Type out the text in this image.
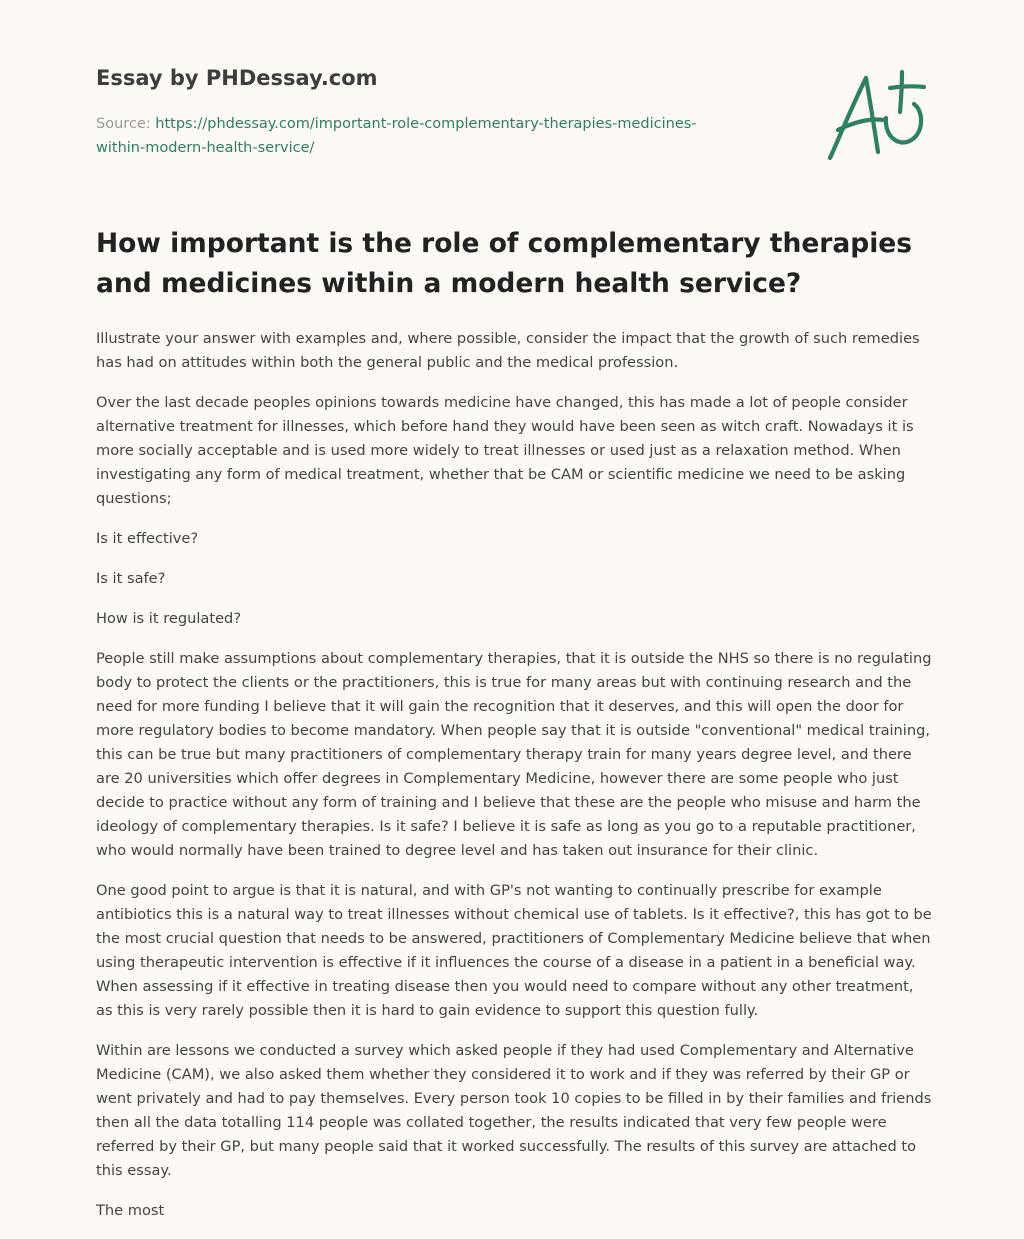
Essay by PHDessay.com
Source: https://phdessay.com/important-role-complementary-therapies-medicines-within-modern-health-service/
How important is the role of complementary therapies and medicines within a modern health service?

Illustrate your answer with examples and, where possible, consider the impact that the growth of such remedies has had on attitudes within both the general public and the medical profession.

Over the last decade peoples opinions towards medicine have changed, this has made a lot of people consider alternative treatment for illnesses, which before hand they would have been seen as witch craft. Nowadays it is more socially acceptable and is used more widely to treat illnesses or used just as a relaxation method. When investigating any form of medical treatment, whether that be CAM or scientific medicine we need to be asking questions;

Is it effective?

Is it safe?

How is it regulated?

People still make assumptions about complementary therapies, that it is outside the NHS so there is no regulating body to protect the clients or the practitioners, this is true for many areas but with continuing research and the need for more funding I believe that it will gain the recognition that it deserves, and this will open the door for more regulatory bodies to become mandatory. When people say that it is outside "conventional" medical training, this can be true but many practitioners of complementary therapy train for many years degree level, and there are 20 universities which offer degrees in Complementary Medicine, however there are some people who just decide to practice without any form of training and I believe that these are the people who misuse and harm the ideology of complementary therapies. Is it safe? I believe it is safe as long as you go to a reputable practitioner, who would normally have been trained to degree level and has taken out insurance for their clinic.

One good point to argue is that it is natural, and with GP's not wanting to continually prescribe for example antibiotics this is a natural way to treat illnesses without chemical use of tablets. Is it effective?, this has got to be the most crucial question that needs to be answered, practitioners of Complementary Medicine believe that when using therapeutic intervention is effective if it influences the course of a disease in a patient in a beneficial way. When assessing if it effective in treating disease then you would need to compare without any other treatment, as this is very rarely possible then it is hard to gain evidence to support this question fully.

Within are lessons we conducted a survey which asked people if they had used Complementary and Alternative Medicine (CAM), we also asked them whether they considered it to work and if they was referred by their GP or went privately and had to pay themselves. Every person took 10 copies to be filled in by their families and friends then all the data totalling 114 people was collated together, the results indicated that very few people were referred by their GP, but many people said that it worked successfully. The results of this survey are attached to this essay.

The most
